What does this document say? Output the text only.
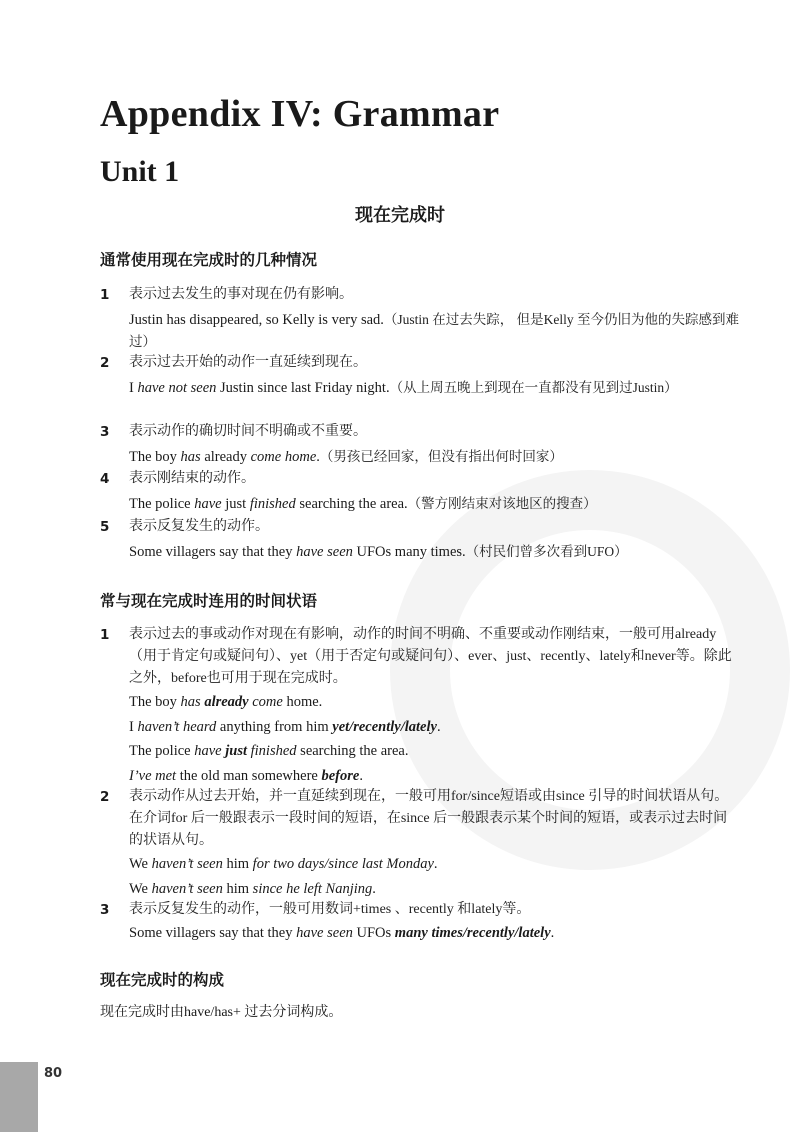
Appendix IV: Grammar
Unit 1
现在完成时
通常使用现在完成时的几种情况
1 表示过去发生的事对现在仍有影响。
Justin has disappeared, so Kelly is very sad.（Justin 在过去失踪， 但是Kelly 至今仍旧为他的失踪感到难过）
2 表示过去开始的动作一直延续到现在。
I have not seen Justin since last Friday night.（从上周五晚上到现在一直都没有见到过Justin）
3 表示动作的确切时间不明确或不重要。
The boy has already come home.（男孩已经回家，但没有指出何时回家）
4 表示刚结束的动作。
The police have just finished searching the area.（警方刚结束对该地区的搜查）
5 表示反复发生的动作。
Some villagers say that they have seen UFOs many times.（村民们曾多次看到UFO）
常与现在完成时连用的时间状语
1 表示过去的事或动作对现在有影响，动作的时间不明确、不重要或动作刚结束，一般可用already（用于肯定句或疑问句）、yet（用于否定句或疑问句）、ever、just、recently、lately和never等。除此之外，before也可用于现在完成时。
The boy has already come home.
I haven’t heard anything from him yet/recently/lately.
The police have just finished searching the area.
I’ve met the old man somewhere before.
2 表示动作从过去开始，并一直延续到现在，一般可用for/since短语或由since 引导的时间状语从句。在介词for 后一般跟表示一段时间的短语，在since 后一般跟表示某个时间的短语，或表示过去时间的状语从句。
We haven’t seen him for two days/since last Monday.
We haven’t seen him since he left Nanjing.
3 表示反复发生的动作，一般可用数词+times 、recently 和lately等。
Some villagers say that they have seen UFOs many times/recently/lately.
现在完成时的构成
现在完成时由have/has+ 过去分词构成。
80
